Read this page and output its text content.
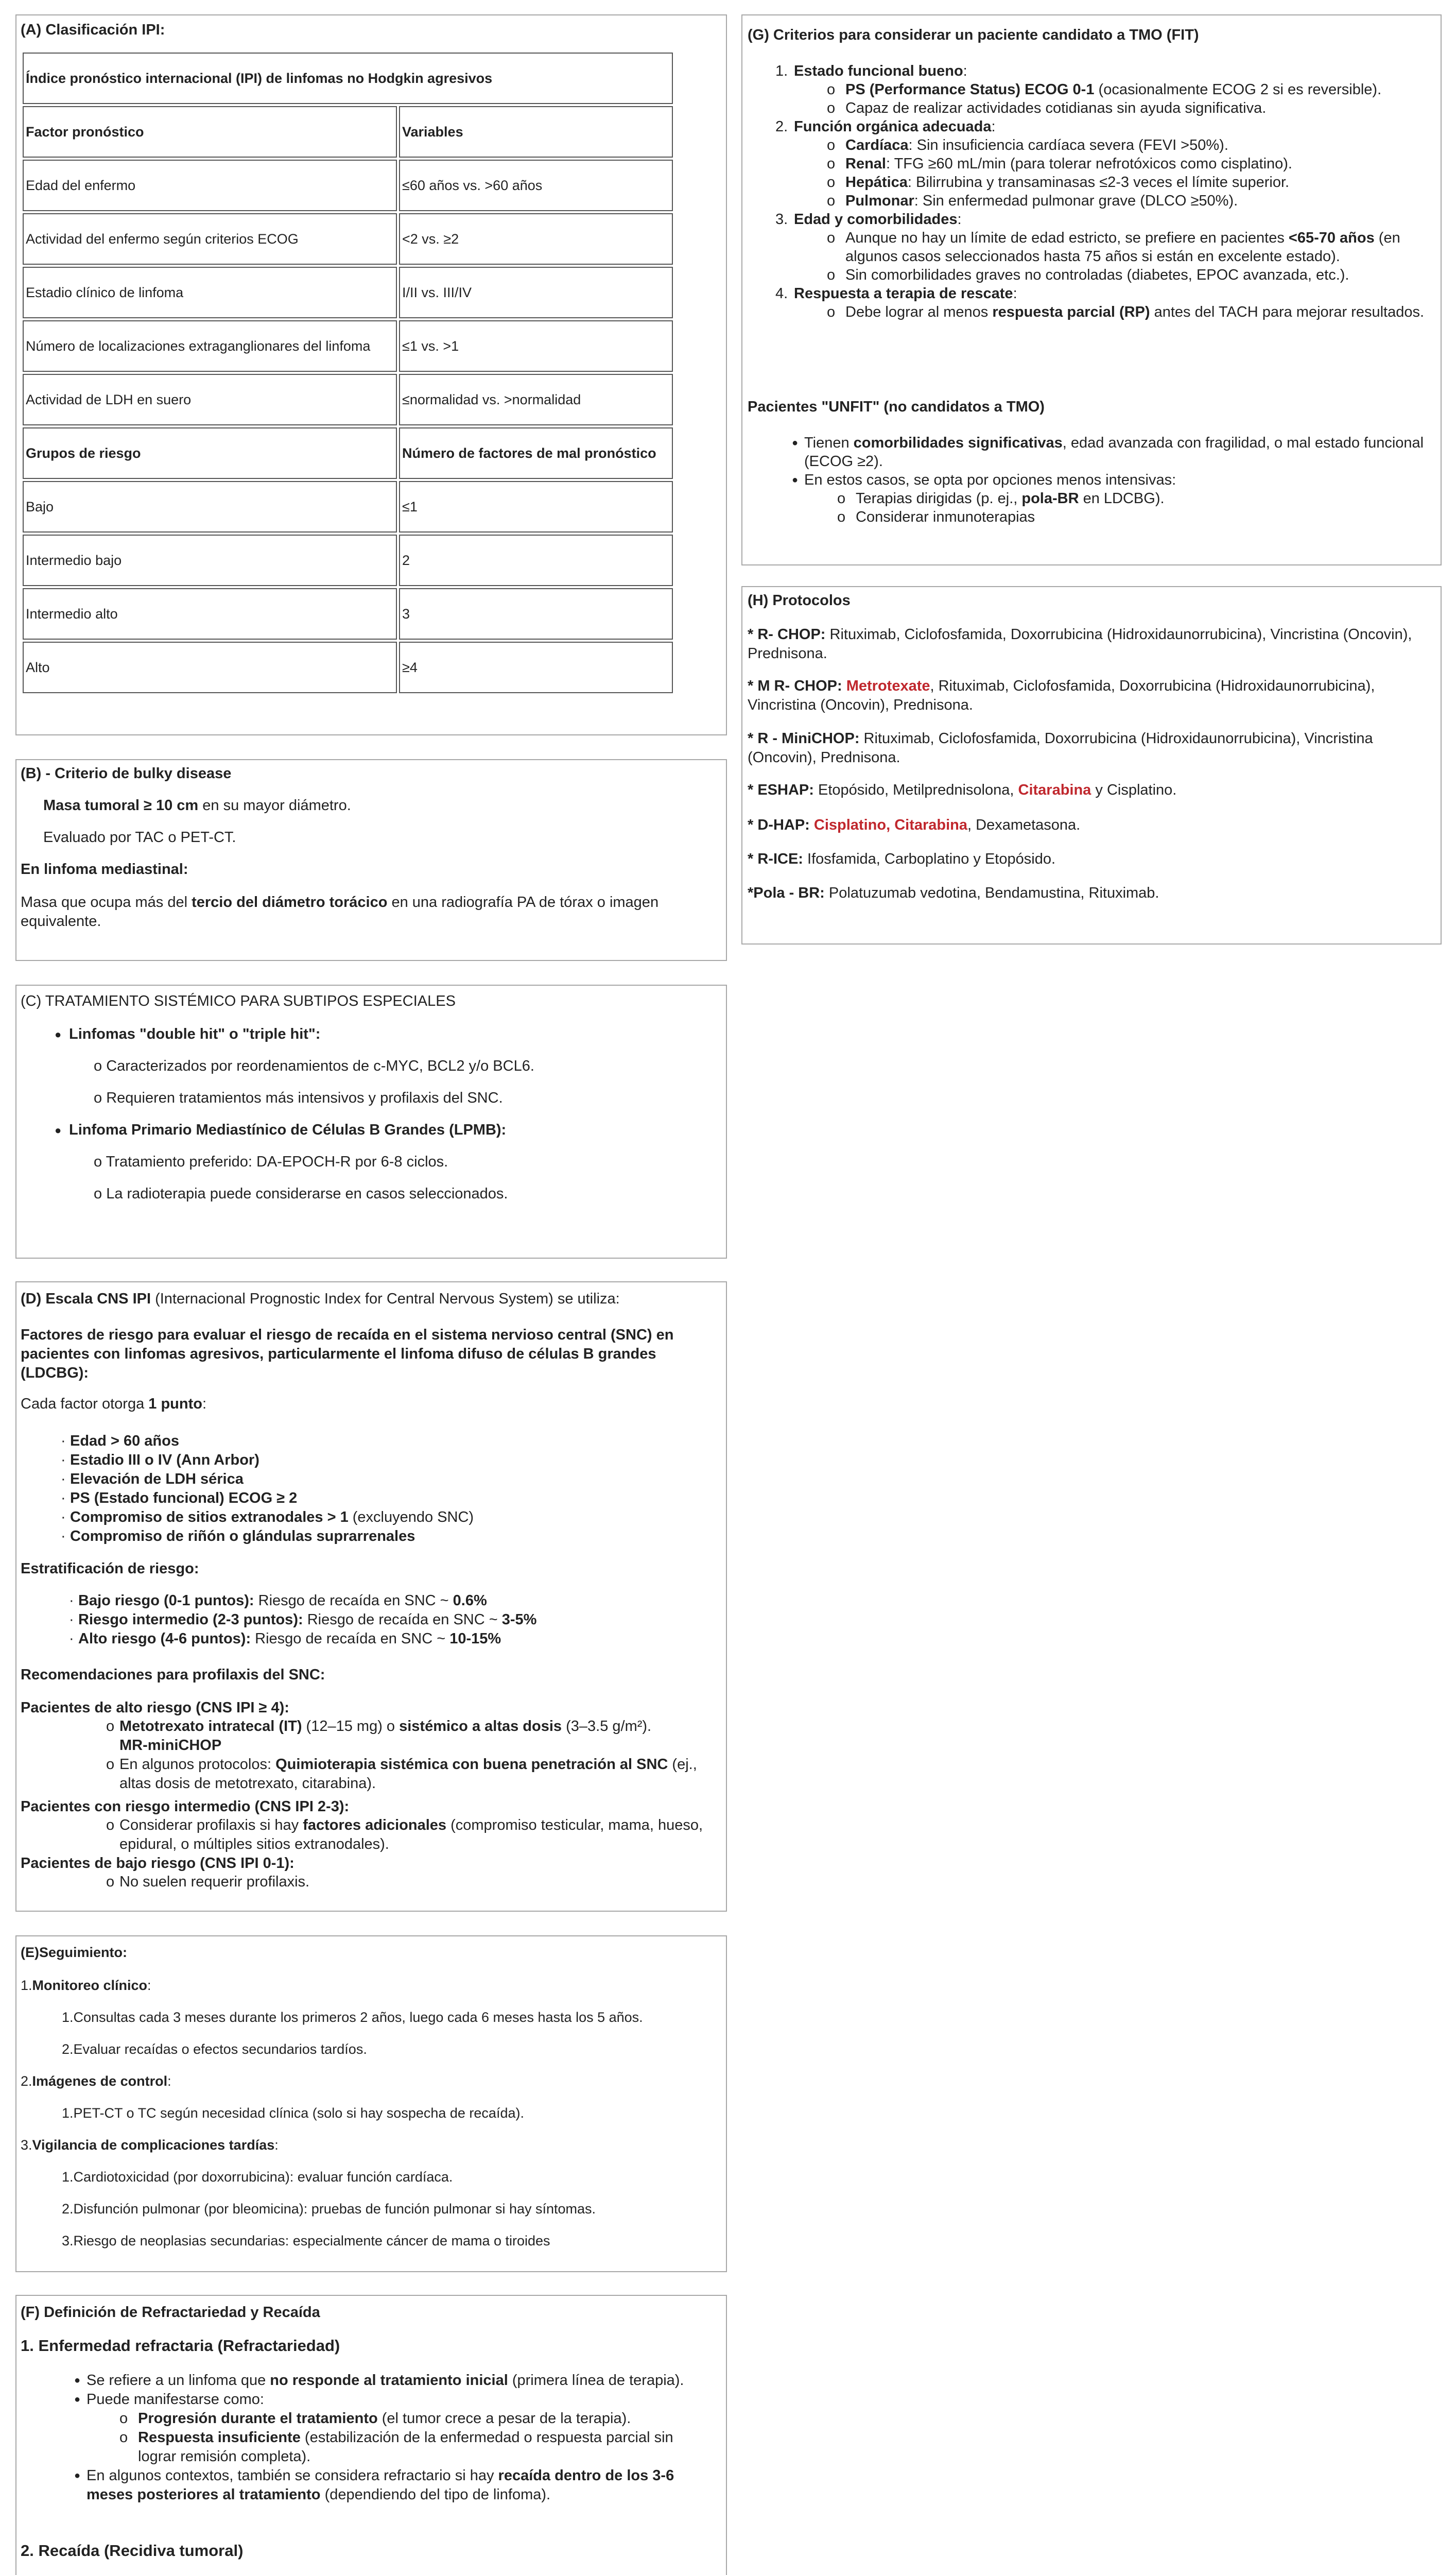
(A) Clasificación IPI:

Índice pronóstico internacional (IPI) de linfomas no Hodgkin agresivos	
Factor pronóstico	Variables
Edad del enfermo	≤60 años vs. >60 años
Actividad del enfermo según criterios ECOG	<2 vs. ≥2
Estadio clínico de linfoma	I/II vs. III/IV
Número de localizaciones extraganglionares del linfoma	≤1 vs. >1
Actividad de LDH en suero	≤normalidad vs. >normalidad
Grupos de riesgo	Número de factores de mal pronóstico
Bajo	≤1
Intermedio bajo	2
Intermedio alto	3
Alto	≥4

(B) - Criterio de bulky disease

Masa tumoral ≥ 10 cm en su mayor diámetro.

Evaluado por TAC o PET-CT.

En linfoma mediastinal:

Masa que ocupa más del tercio del diámetro torácico en una radiografía PA de tórax o imagen equivalente.

(C) TRATAMIENTO SISTÉMICO PARA SUBTIPOS ESPECIALES

● Linfomas "double hit" o "triple hit":

o Caracterizados por reordenamientos de c-MYC, BCL2 y/o BCL6.

o Requieren tratamientos más intensivos y profilaxis del SNC.

● Linfoma Primario Mediastínico de Células B Grandes (LPMB):

o Tratamiento preferido: DA-EPOCH-R por 6-8 ciclos.

o La radioterapia puede considerarse en casos seleccionados.

(D) Escala CNS IPI (Internacional Prognostic Index for Central Nervous System) se utiliza:

Factores de riesgo para evaluar el riesgo de recaída en el sistema nervioso central (SNC) en pacientes con linfomas agresivos, particularmente el linfoma difuso de células B grandes (LDCBG):

Cada factor otorga 1 punto:

· Edad > 60 años

· Estadio III o IV (Ann Arbor)

· Elevación de LDH sérica

· PS (Estado funcional) ECOG ≥ 2

· Compromiso de sitios extranodales > 1 (excluyendo SNC)

· Compromiso de riñón o glándulas suprarrenales

Estratificación de riesgo:

· Bajo riesgo (0-1 puntos): Riesgo de recaída en SNC ~ 0.6%

· Riesgo intermedio (2-3 puntos): Riesgo de recaída en SNC ~ 3-5%

· Alto riesgo (4-6 puntos): Riesgo de recaída en SNC ~ 10-15%

Recomendaciones para profilaxis del SNC:

Pacientes de alto riesgo (CNS IPI ≥ 4):

o Metotrexato intratecal (IT) (12–15 mg) o sistémico a altas dosis (3–3.5 g/m²).

MR-miniCHOP

o En algunos protocolos: Quimioterapia sistémica con buena penetración al SNC (ej., altas dosis de metotrexato, citarabina).

Pacientes con riesgo intermedio (CNS IPI 2-3):

o Considerar profilaxis si hay factores adicionales (compromiso testicular, mama, hueso, epidural, o múltiples sitios extranodales).

Pacientes de bajo riesgo (CNS IPI 0-1):

o No suelen requerir profilaxis.

(E)Seguimiento:

1.Monitoreo clínico:

1.Consultas cada 3 meses durante los primeros 2 años, luego cada 6 meses hasta los 5 años.

2.Evaluar recaídas o efectos secundarios tardíos.

2.Imágenes de control:

1.PET-CT o TC según necesidad clínica (solo si hay sospecha de recaída).

3.Vigilancia de complicaciones tardías:

1.Cardiotoxicidad (por doxorrubicina): evaluar función cardíaca.

2.Disfunción pulmonar (por bleomicina): pruebas de función pulmonar si hay síntomas.

3.Riesgo de neoplasias secundarias: especialmente cáncer de mama o tiroides

(F) Definición de Refractariedad y Recaída

1. Enfermedad refractaria (Refractariedad)

● Se refiere a un linfoma que no responde al tratamiento inicial (primera línea de terapia).

● Puede manifestarse como:

o Progresión durante el tratamiento (el tumor crece a pesar de la terapia).

o Respuesta insuficiente (estabilización de la enfermedad o respuesta parcial sin lograr remisión completa).

● En algunos contextos, también se considera refractario si hay recaída dentro de los 3-6 meses posteriores al tratamiento (dependiendo del tipo de linfoma).

2. Recaída (Recidiva tumoral)

(G) Criterios para considerar un paciente candidato a TMO (FIT)

1. Estado funcional bueno:

o PS (Performance Status) ECOG 0-1 (ocasionalmente ECOG 2 si es reversible).

o Capaz de realizar actividades cotidianas sin ayuda significativa.

2. Función orgánica adecuada:

o Cardíaca: Sin insuficiencia cardíaca severa (FEVI >50%).

o Renal: TFG ≥60 mL/min (para tolerar nefrotóxicos como cisplatino).

o Hepática: Bilirrubina y transaminasas ≤2-3 veces el límite superior.

o Pulmonar: Sin enfermedad pulmonar grave (DLCO ≥50%).

3. Edad y comorbilidades:

o Aunque no hay un límite de edad estricto, se prefiere en pacientes <65-70 años (en algunos casos seleccionados hasta 75 años si están en excelente estado).

o Sin comorbilidades graves no controladas (diabetes, EPOC avanzada, etc.).

4. Respuesta a terapia de rescate:

o Debe lograr al menos respuesta parcial (RP) antes del TACH para mejorar resultados.

Pacientes "UNFIT" (no candidatos a TMO)

● Tienen comorbilidades significativas, edad avanzada con fragilidad, o mal estado funcional (ECOG ≥2).

● En estos casos, se opta por opciones menos intensivas:

o Terapias dirigidas (p. ej., pola-BR en LDCBG).

o Considerar inmunoterapias

(H) Protocolos

* R- CHOP: Rituximab, Ciclofosfamida, Doxorrubicina (Hidroxidaunorrubicina), Vincristina (Oncovin), Prednisona.

* M R- CHOP: Metrotexate, Rituximab, Ciclofosfamida, Doxorrubicina (Hidroxidaunorrubicina), Vincristina (Oncovin), Prednisona.

* R - MiniCHOP: Rituximab, Ciclofosfamida, Doxorrubicina (Hidroxidaunorrubicina), Vincristina (Oncovin), Prednisona.

* ESHAP: Etopósido, Metilprednisolona, Citarabina y Cisplatino.

* D-HAP: Cisplatino, Citarabina, Dexametasona.

* R-ICE: Ifosfamida, Carboplatino y Etopósido.

*Pola - BR: Polatuzumab vedotina, Bendamustina, Rituximab.
